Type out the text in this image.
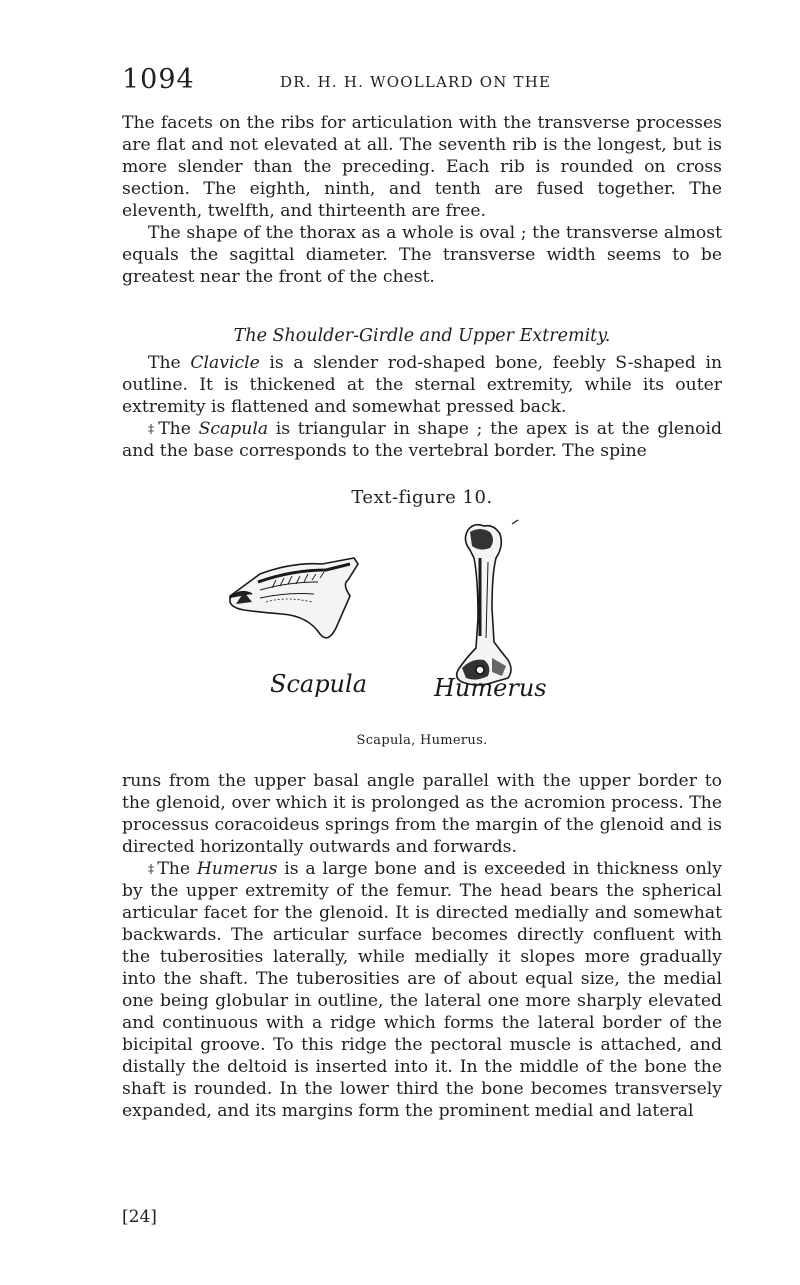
1094	DR. H. H. WOOLLARD ON THE

The facets on the ribs for articulation with the transverse processes are flat and not elevated at all. The seventh rib is the longest, but is more slender than the preceding. Each rib is rounded on cross section. The eighth, ninth, and tenth are fused together. The eleventh, twelfth, and thirteenth are free.

The shape of the thorax as a whole is oval ; the transverse almost equals the sagittal diameter. The transverse width seems to be greatest near the front of the chest.

The Shoulder-Girdle and Upper Extremity.

The Clavicle is a slender rod-shaped bone, feebly S-shaped in outline. It is thickened at the sternal extremity, while its outer extremity is flattened and somewhat pressed back.

‡ The Scapula is triangular in shape ; the apex is at the glenoid and the base corresponds to the vertebral border. The spine

Text-figure 10.
Scapula	Humerus
Scapula, Humerus.

runs from the upper basal angle parallel with the upper border to the glenoid, over which it is prolonged as the acromion process. The processus coracoideus springs from the margin of the glenoid and is directed horizontally outwards and forwards.

‡ The Humerus is a large bone and is exceeded in thickness only by the upper extremity of the femur. The head bears the spherical articular facet for the glenoid. It is directed medially and somewhat backwards. The articular surface becomes directly confluent with the tuberosities laterally, while medially it slopes more gradually into the shaft. The tuberosities are of about equal size, the medial one being globular in outline, the lateral one more sharply elevated and continuous with a ridge which forms the lateral border of the bicipital groove. To this ridge the pectoral muscle is attached, and distally the deltoid is inserted into it. In the middle of the bone the shaft is rounded. In the lower third the bone becomes transversely expanded, and its margins form the prominent medial and lateral

[24]
